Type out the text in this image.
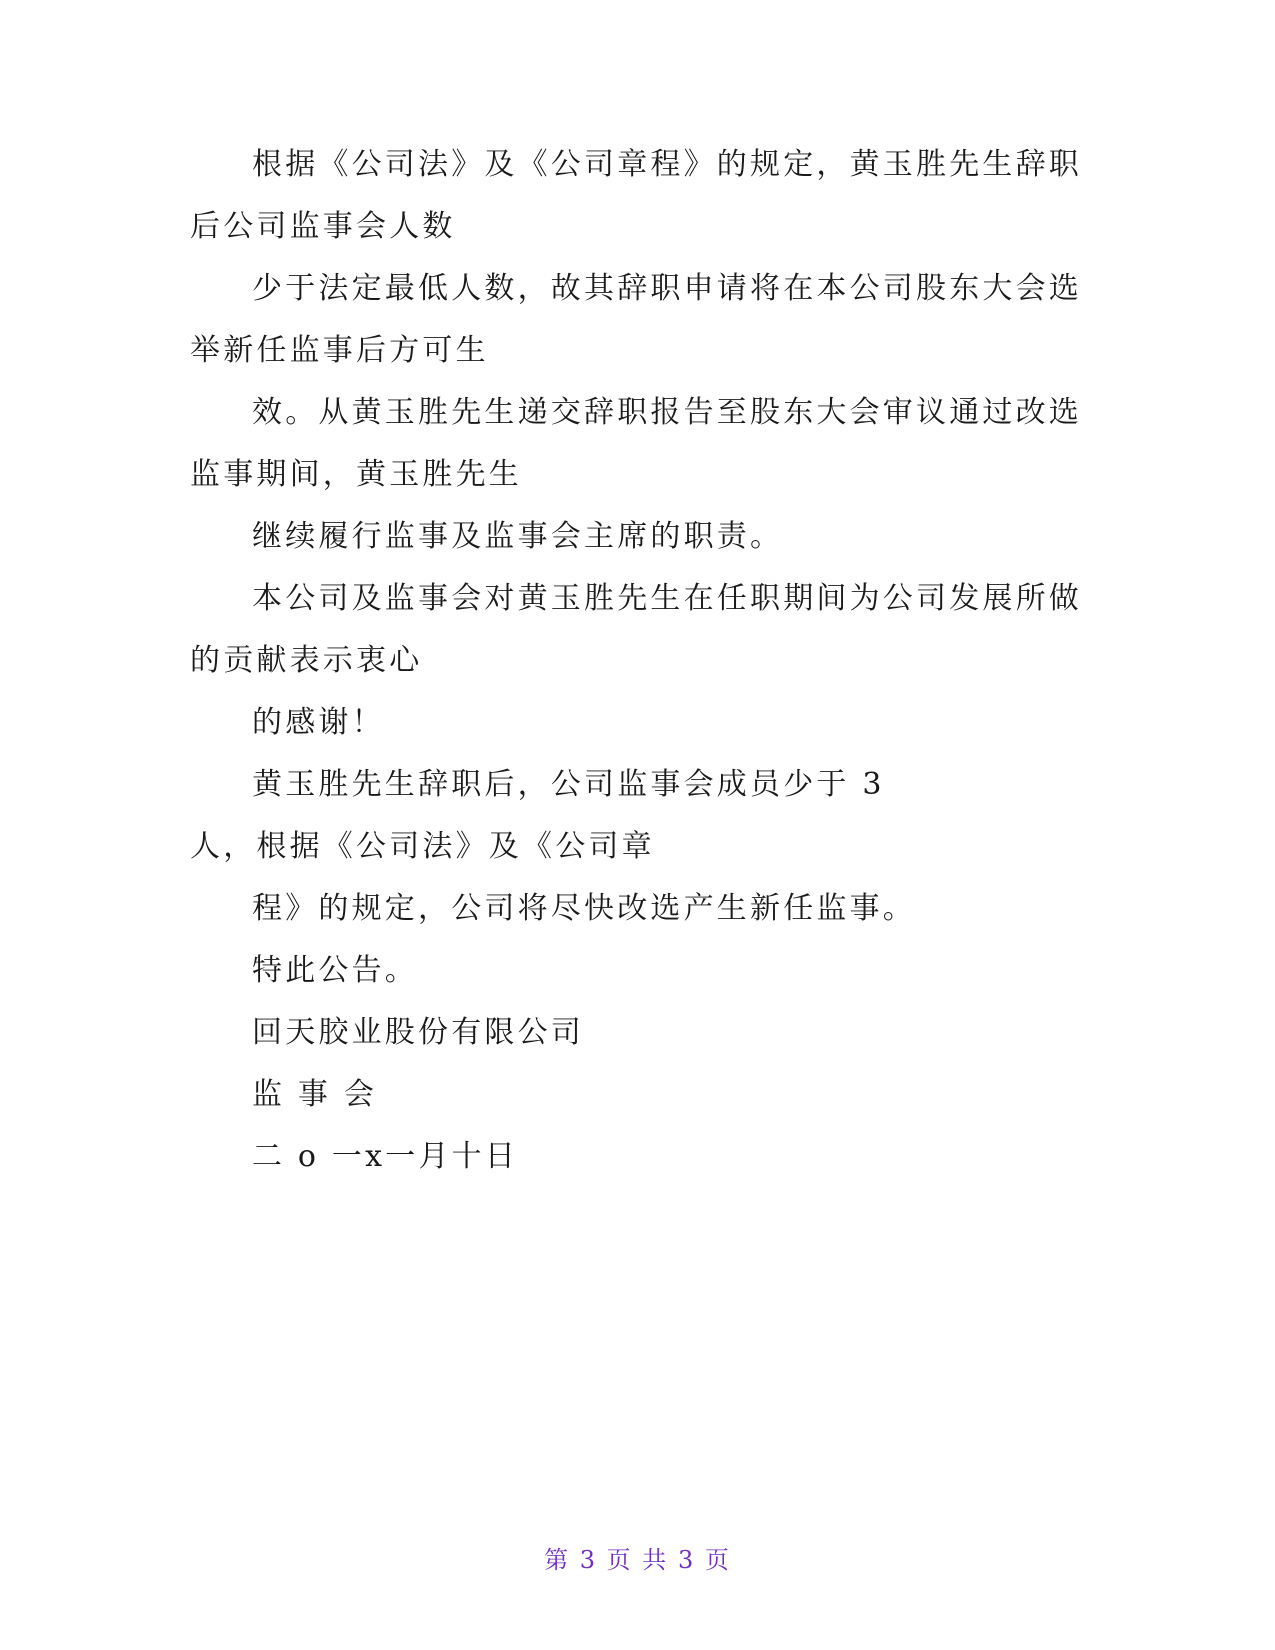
根据《公司法》及《公司章程》的规定，黄玉胜先生辞职
后公司监事会人数
少于法定最低人数，故其辞职申请将在本公司股东大会选
举新任监事后方可生
效。从黄玉胜先生递交辞职报告至股东大会审议通过改选
监事期间，黄玉胜先生
继续履行监事及监事会主席的职责。
本公司及监事会对黄玉胜先生在任职期间为公司发展所做
的贡献表示衷心
的感谢！
黄玉胜先生辞职后，公司监事会成员少于 3
人，根据《公司法》及《公司章
程》的规定，公司将尽快改选产生新任监事。
特此公告。
回天胶业股份有限公司
监 事 会
二 ο 一x一月十日
第 3 页 共 3 页
